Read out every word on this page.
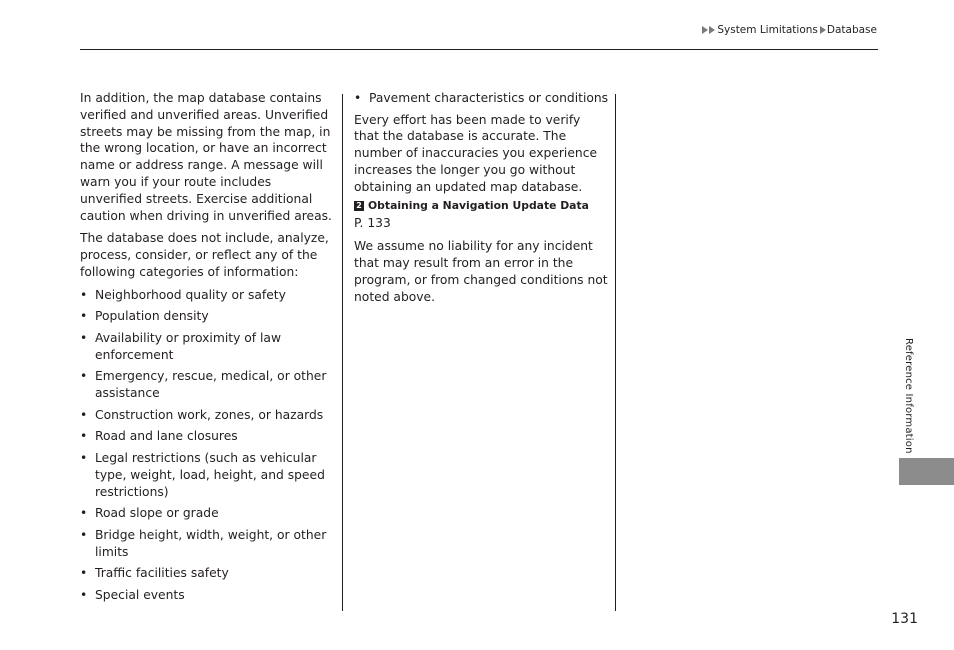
System Limitations Database

In addition, the map database contains verified and unverified areas. Unverified streets may be missing from the map, in the wrong location, or have an incorrect name or address range. A message will warn you if your route includes unverified streets. Exercise additional caution when driving in unverified areas.

The database does not include, analyze, process, consider, or reflect any of the following categories of information:

• Neighborhood quality or safety
• Population density
• Availability or proximity of law enforcement
• Emergency, rescue, medical, or other assistance
• Construction work, zones, or hazards
• Road and lane closures
• Legal restrictions (such as vehicular type, weight, load, height, and speed restrictions)
• Road slope or grade
• Bridge height, width, weight, or other limits
• Traffic facilities safety
• Special events
• Pavement characteristics or conditions

Every effort has been made to verify that the database is accurate. The number of inaccuracies you experience increases the longer you go without obtaining an updated map database.

2 Obtaining a Navigation Update Data
P. 133

We assume no liability for any incident that may result from an error in the program, or from changed conditions not noted above.

Reference Information
131
